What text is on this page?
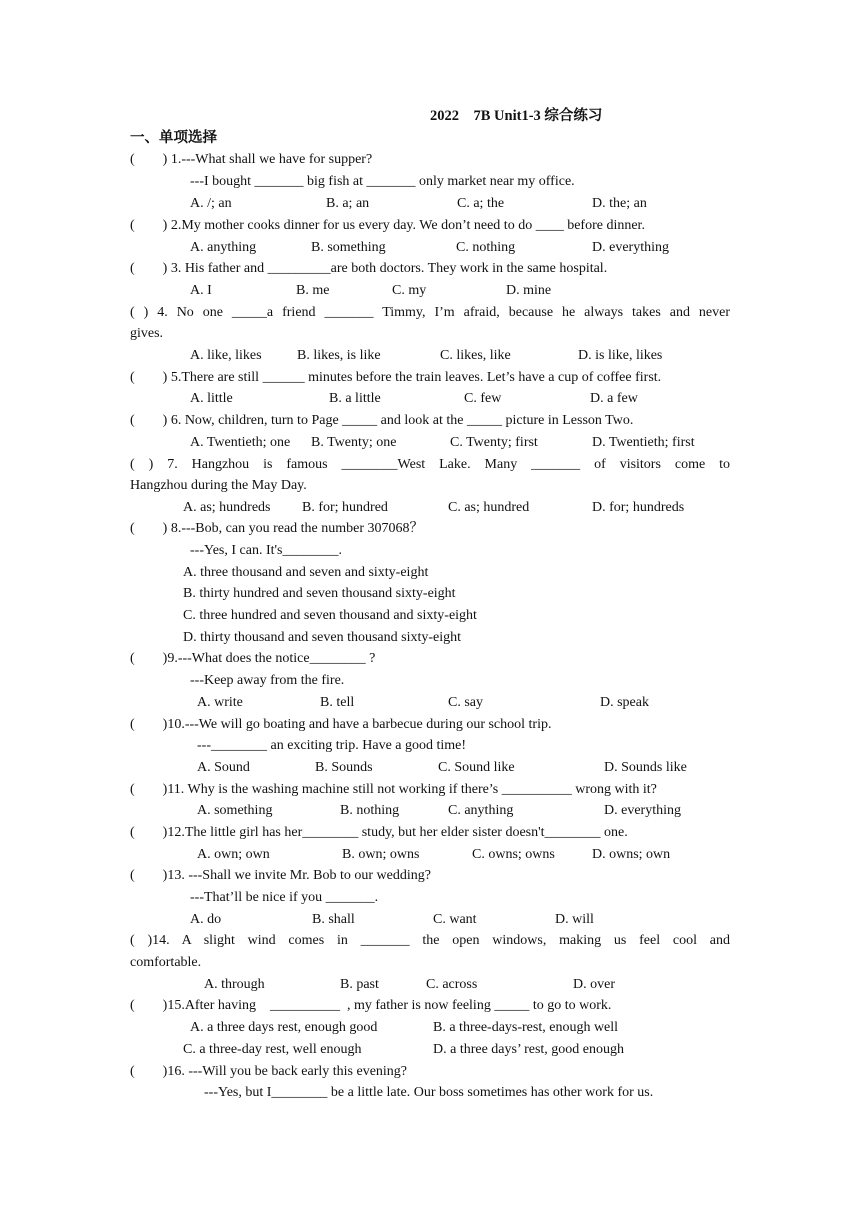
2022　7B Unit1-3 综合练习
一、单项选择
(        ) 1.---What shall we have for supper?
---I bought _______ big fish at _______ only market near my office.
A. /; an	B. a; an	C. a; the	D. the; an
(        ) 2.My mother cooks dinner for us every day. We don’t need to do ____ before dinner.
A. anything	B. something	C. nothing	D. everything
(        ) 3. His father and _________are both doctors. They work in the same hospital.
A. I	B. me	C. my	D. mine
( ) 4. No one _____a friend _______ Timmy, I’m afraid, because he always takes and never
gives.
A. like, likes	B. likes, is like	C. likes, like	D. is like, likes
(        ) 5.There are still ______ minutes before the train leaves. Let’s have a cup of coffee first.
A. little	B. a little	C. few	D. a few
(        ) 6. Now, children, turn to Page _____ and look at the _____ picture in Lesson Two.
A. Twentieth; one B. Twenty; one	C. Twenty; first	D. Twentieth; first
( ) 7. Hangzhou is famous ________West Lake. Many _______ of visitors come to
Hangzhou during the May Day.
A. as; hundreds B. for; hundred	C. as; hundred	D. for; hundreds
(        ) 8.---Bob, can you read the number 307068？
---Yes, I can. It's________.
A. three thousand and seven and sixty-eight
B. thirty hundred and seven thousand sixty-eight
C. three hundred and seven thousand and sixty-eight
D. thirty thousand and seven thousand sixty-eight
(        )9.---What does the notice________ ?
---Keep away from the fire.
A. write	B. tell	C. say	D. speak
(        )10.---We will go boating and have a barbecue during our school trip.
---________ an exciting trip. Have a good time!
A. Sound	B. Sounds	C. Sound like	D. Sounds like
(        )11. Why is the washing machine still not working if there’s __________ wrong with it?
A. something	B. nothing	C. anything	D. everything
(        )12.The little girl has her________ study, but her elder sister doesn't________ one.
A. own; own	B. own; owns	C. owns; owns	D. owns; own
(        )13. ---Shall we invite Mr. Bob to our wedding?
---That’ll be nice if you _______.
A. do	B. shall	C. want	D. will
( )14. A slight wind comes in _______ the open windows, making us feel cool and
comfortable.
A. through	B. past	C. across	D. over
(        )15.After having    __________  , my father is now feeling _____ to go to work.
A. a three days rest, enough good	B. a three-days-rest, enough well
C. a three-day rest, well enough	D. a three days’ rest, good enough
(        )16. ---Will you be back early this evening?
---Yes, but I________ be a little late. Our boss sometimes has other work for us.
